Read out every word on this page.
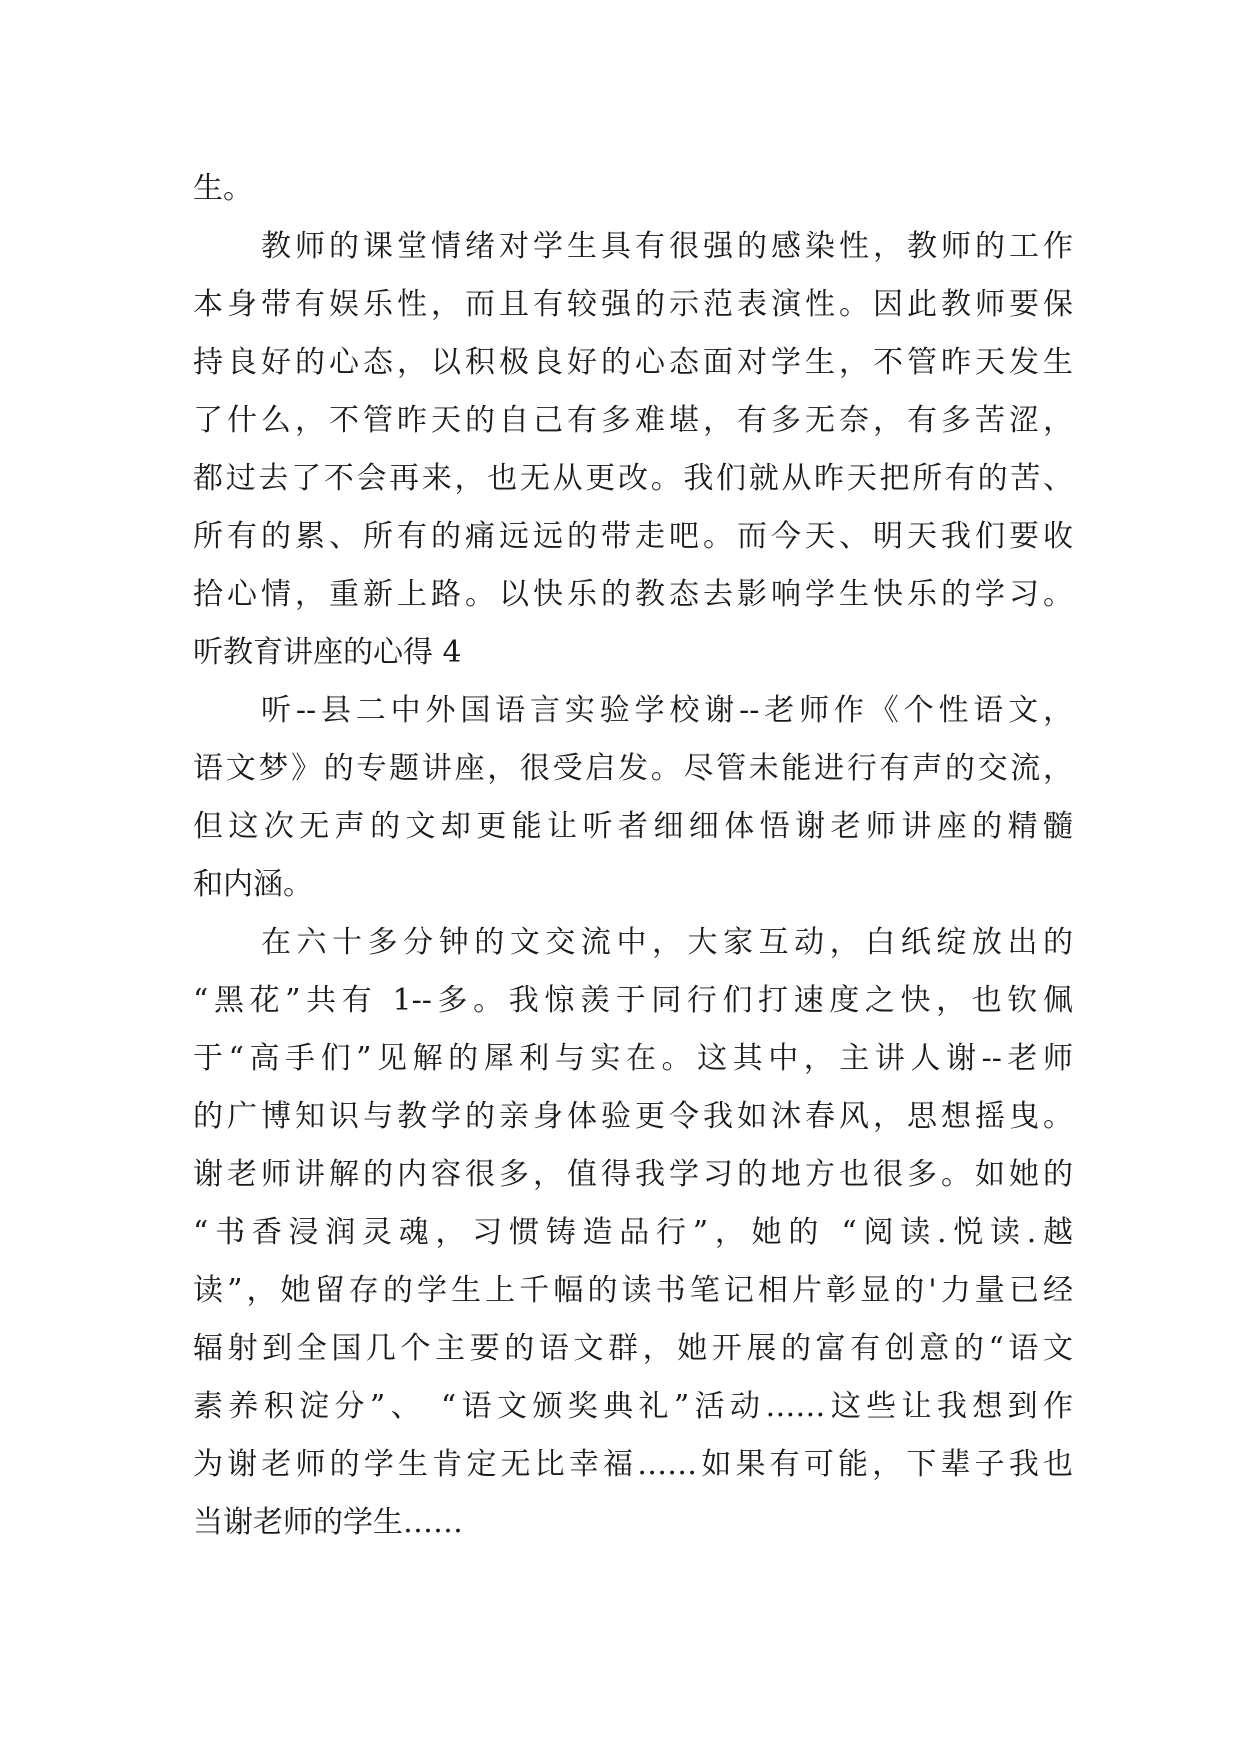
生。
教师的课堂情绪对学生具有很强的感染性，教师的工作
本身带有娱乐性，而且有较强的示范表演性。因此教师要保
持良好的心态，以积极良好的心态面对学生，不管昨天发生
了什么，不管昨天的自己有多难堪，有多无奈，有多苦涩，
都过去了不会再来，也无从更改。我们就从昨天把所有的苦、
所有的累、所有的痛远远的带走吧。而今天、明天我们要收
拾心情，重新上路。以快乐的教态去影响学生快乐的学习。
听教育讲座的心得 4
听--县二中外国语言实验学校谢--老师作《个性语文，
语文梦》的专题讲座，很受启发。尽管未能进行有声的交流，
但这次无声的文却更能让听者细细体悟谢老师讲座的精髓
和内涵。
在六十多分钟的文交流中，大家互动，白纸绽放出的
“黑花”共有 1--多。我惊羡于同行们打速度之快，也钦佩
于“高手们”见解的犀利与实在。这其中，主讲人谢--老师
的广博知识与教学的亲身体验更令我如沐春风，思想摇曳。
谢老师讲解的内容很多，值得我学习的地方也很多。如她的
“书香浸润灵魂，习惯铸造品行”，她的 “阅读.悦读.越
读”，她留存的学生上千幅的读书笔记相片彰显的'力量已经
辐射到全国几个主要的语文群，她开展的富有创意的“语文
素养积淀分”、 “语文颁奖典礼”活动……这些让我想到作
为谢老师的学生肯定无比幸福……如果有可能，下辈子我也
当谢老师的学生……
